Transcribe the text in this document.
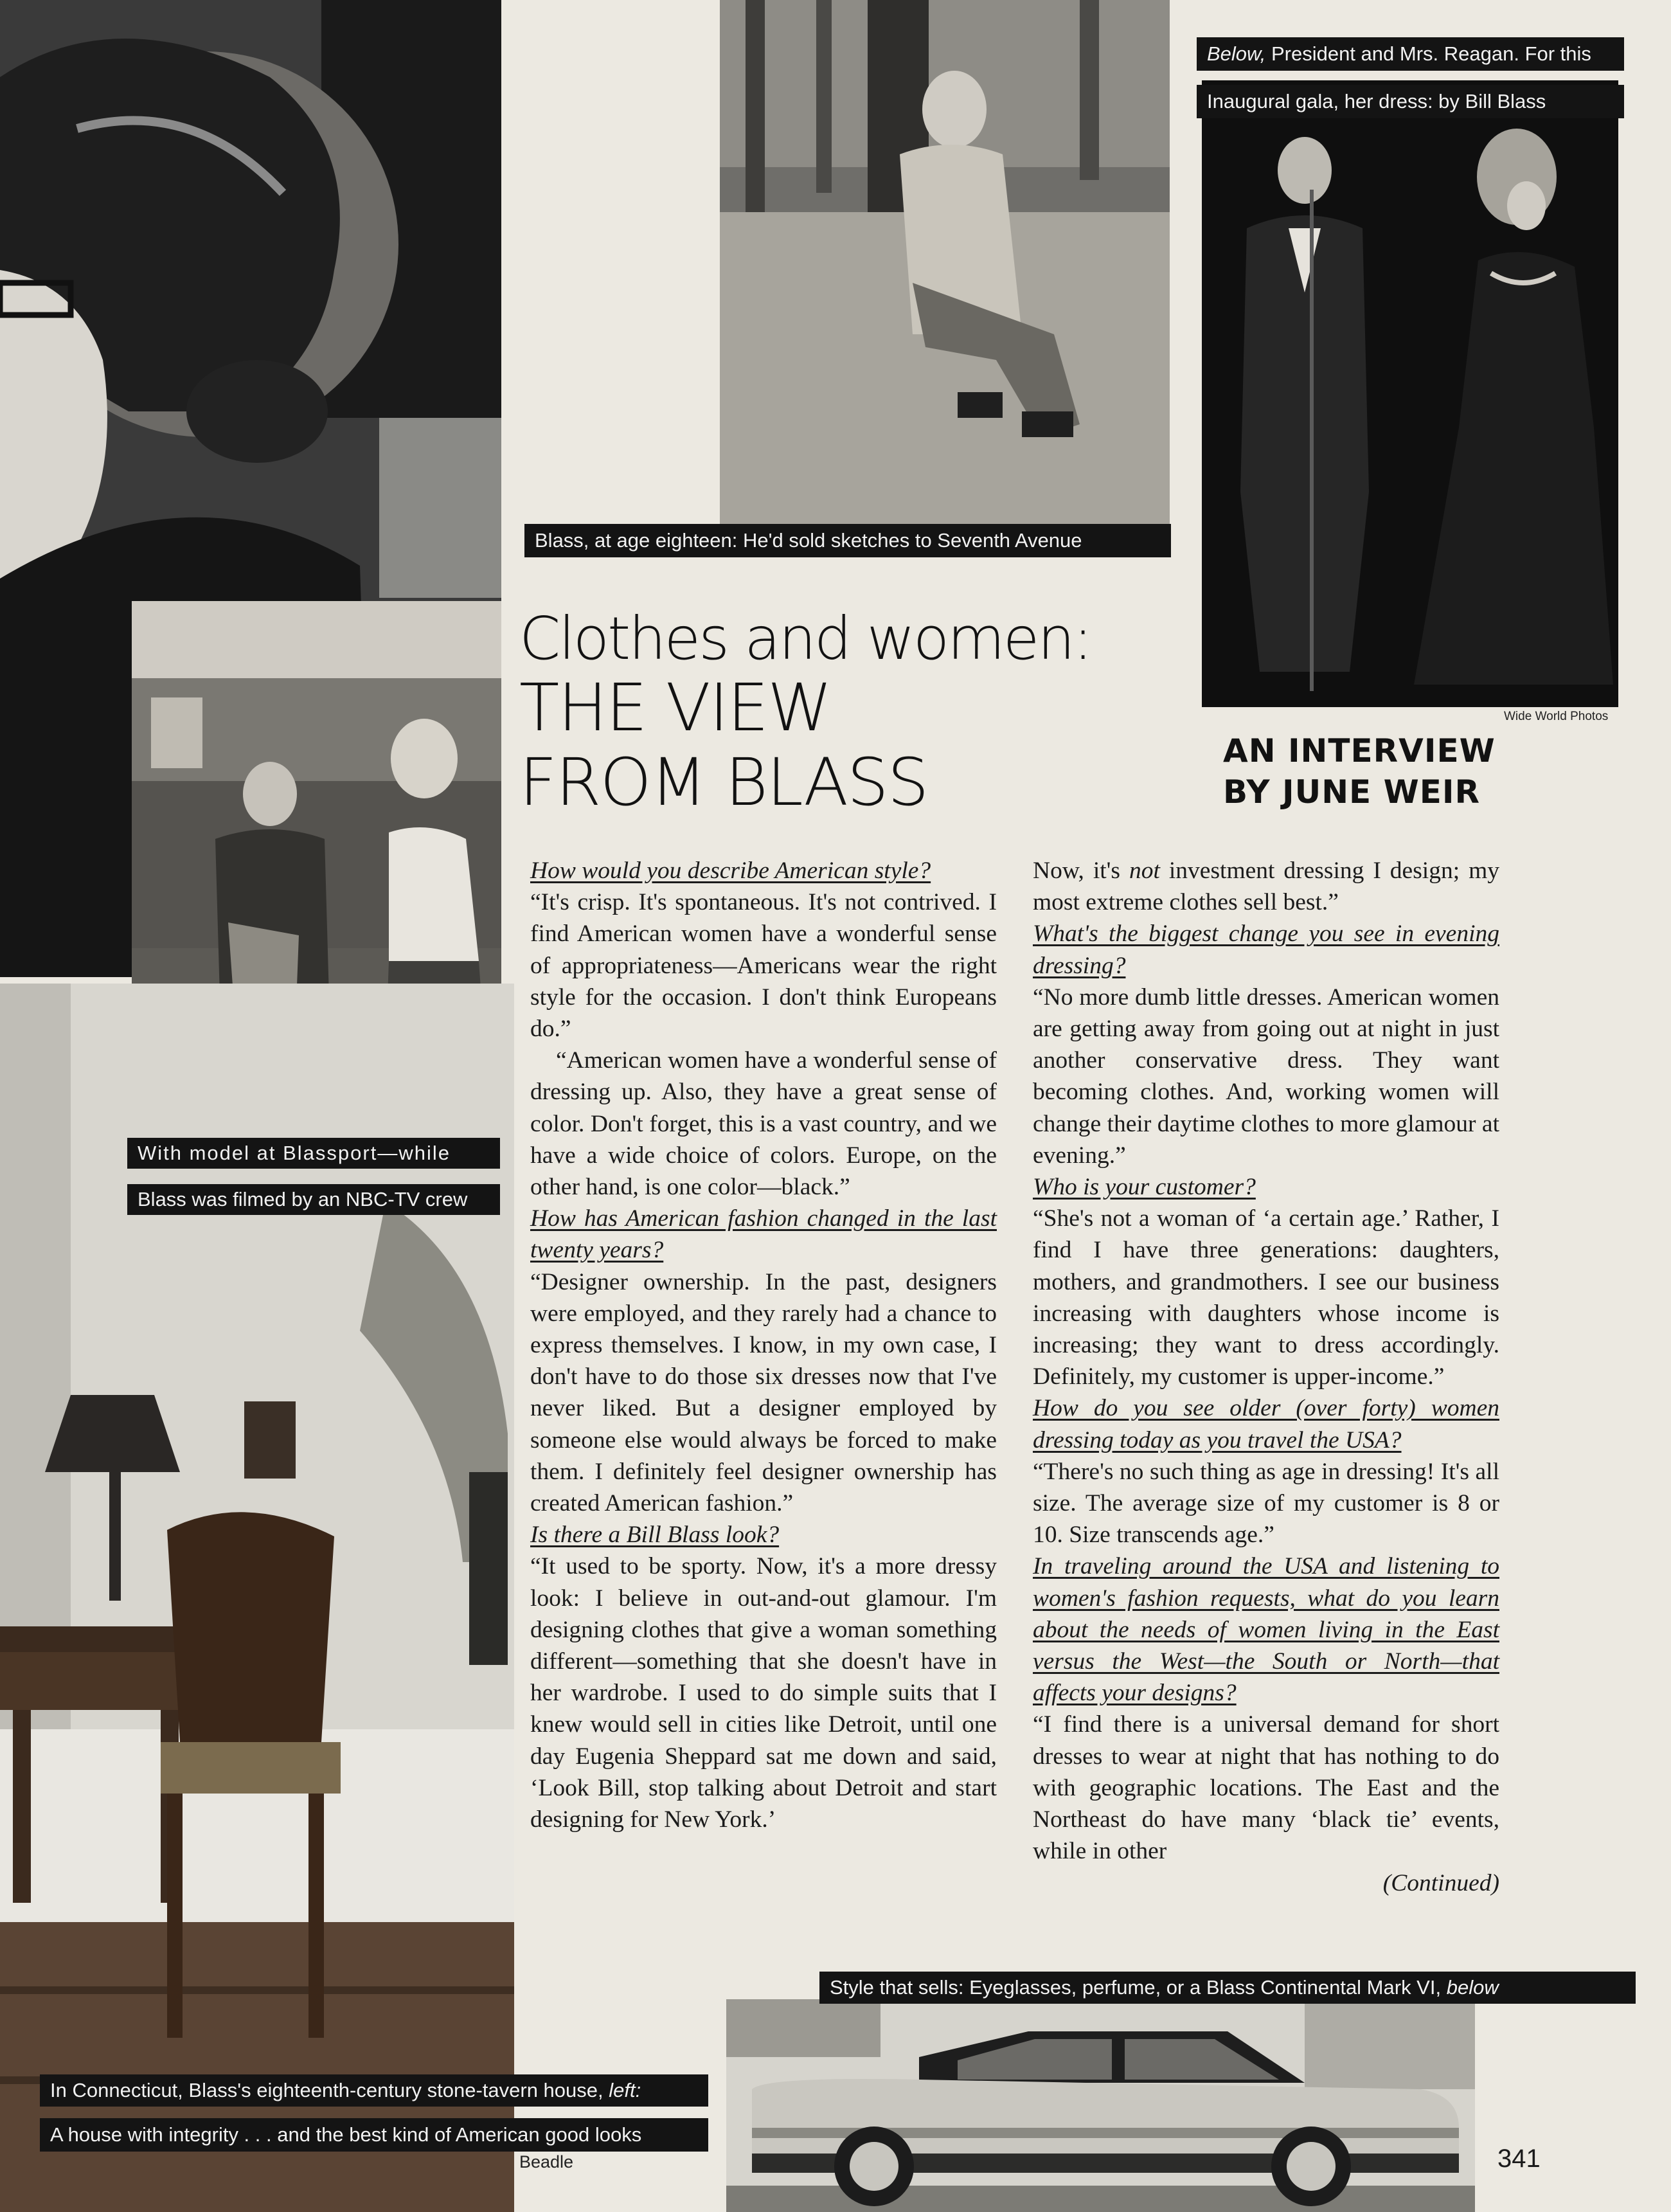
Below, President and Mrs. Reagan. For this
Inaugural gala, her dress: by Bill Blass
Blass, at age eighteen: He'd sold sketches to Seventh Avenue
With model at Blassport—while
Blass was filmed by an NBC-TV crew
Style that sells: Eyeglasses, perfume, or a Blass Continental Mark VI, below
In Connecticut, Blass's eighteenth-century stone-tavern house, left:
A house with integrity . . . and the best kind of American good looks
Wide World Photos
Beadle
Clothes and women:
THE VIEW
FROM BLASS	AN INTERVIEW
BY JUNE WEIR

How would you describe American style?

“It's crisp. It's spontaneous. It's not contrived. I find American women have a wonderful sense of appropriateness—Americans wear the right style for the occasion. I don't think Europeans do.”

“American women have a wonderful sense of dressing up. Also, they have a great sense of color. Don't forget, this is a vast country, and we have a wide choice of colors. Europe, on the other hand, is one color—black.”

How has American fashion changed in the last twenty years?

“Designer ownership. In the past, designers were employed, and they rarely had a chance to express themselves. I know, in my own case, I don't have to do those six dresses now that I've never liked. But a designer employed by someone else would always be forced to make them. I definitely feel designer ownership has created American fashion.”

Is there a Bill Blass look?

“It used to be sporty. Now, it's a more dressy look: I believe in out-and-out glamour. I'm designing clothes that give a woman something different—something that she doesn't have in her wardrobe. I used to do simple suits that I knew would sell in cities like Detroit, until one day Eugenia Sheppard sat me down and said, ‘Look Bill, stop talking about Detroit and start designing for New York.’

Now, it's not investment dressing I design; my most extreme clothes sell best.”

What's the biggest change you see in evening dressing?

“No more dumb little dresses. American women are getting away from going out at night in just another conservative dress. They want becoming clothes. And, working women will change their daytime clothes to more glamour at evening.”

Who is your customer?

“She's not a woman of ‘a certain age.’ Rather, I find I have three generations: daughters, mothers, and grandmothers. I see our business increasing with daughters whose income is increasing; they want to dress accordingly. Definitely, my customer is upper-income.”

How do you see older (over forty) women dressing today as you travel the USA?

“There's no such thing as age in dressing! It's all size. The average size of my customer is 8 or 10. Size transcends age.”

In traveling around the USA and listening to women's fashion requests, what do you learn about the needs of women living in the East versus the West—the South or North—that affects your designs?

“I find there is a universal demand for short dresses to wear at night that has nothing to do with geographic locations. The East and the Northeast do have many ‘black tie’ events, while in other

(Continued)

341
